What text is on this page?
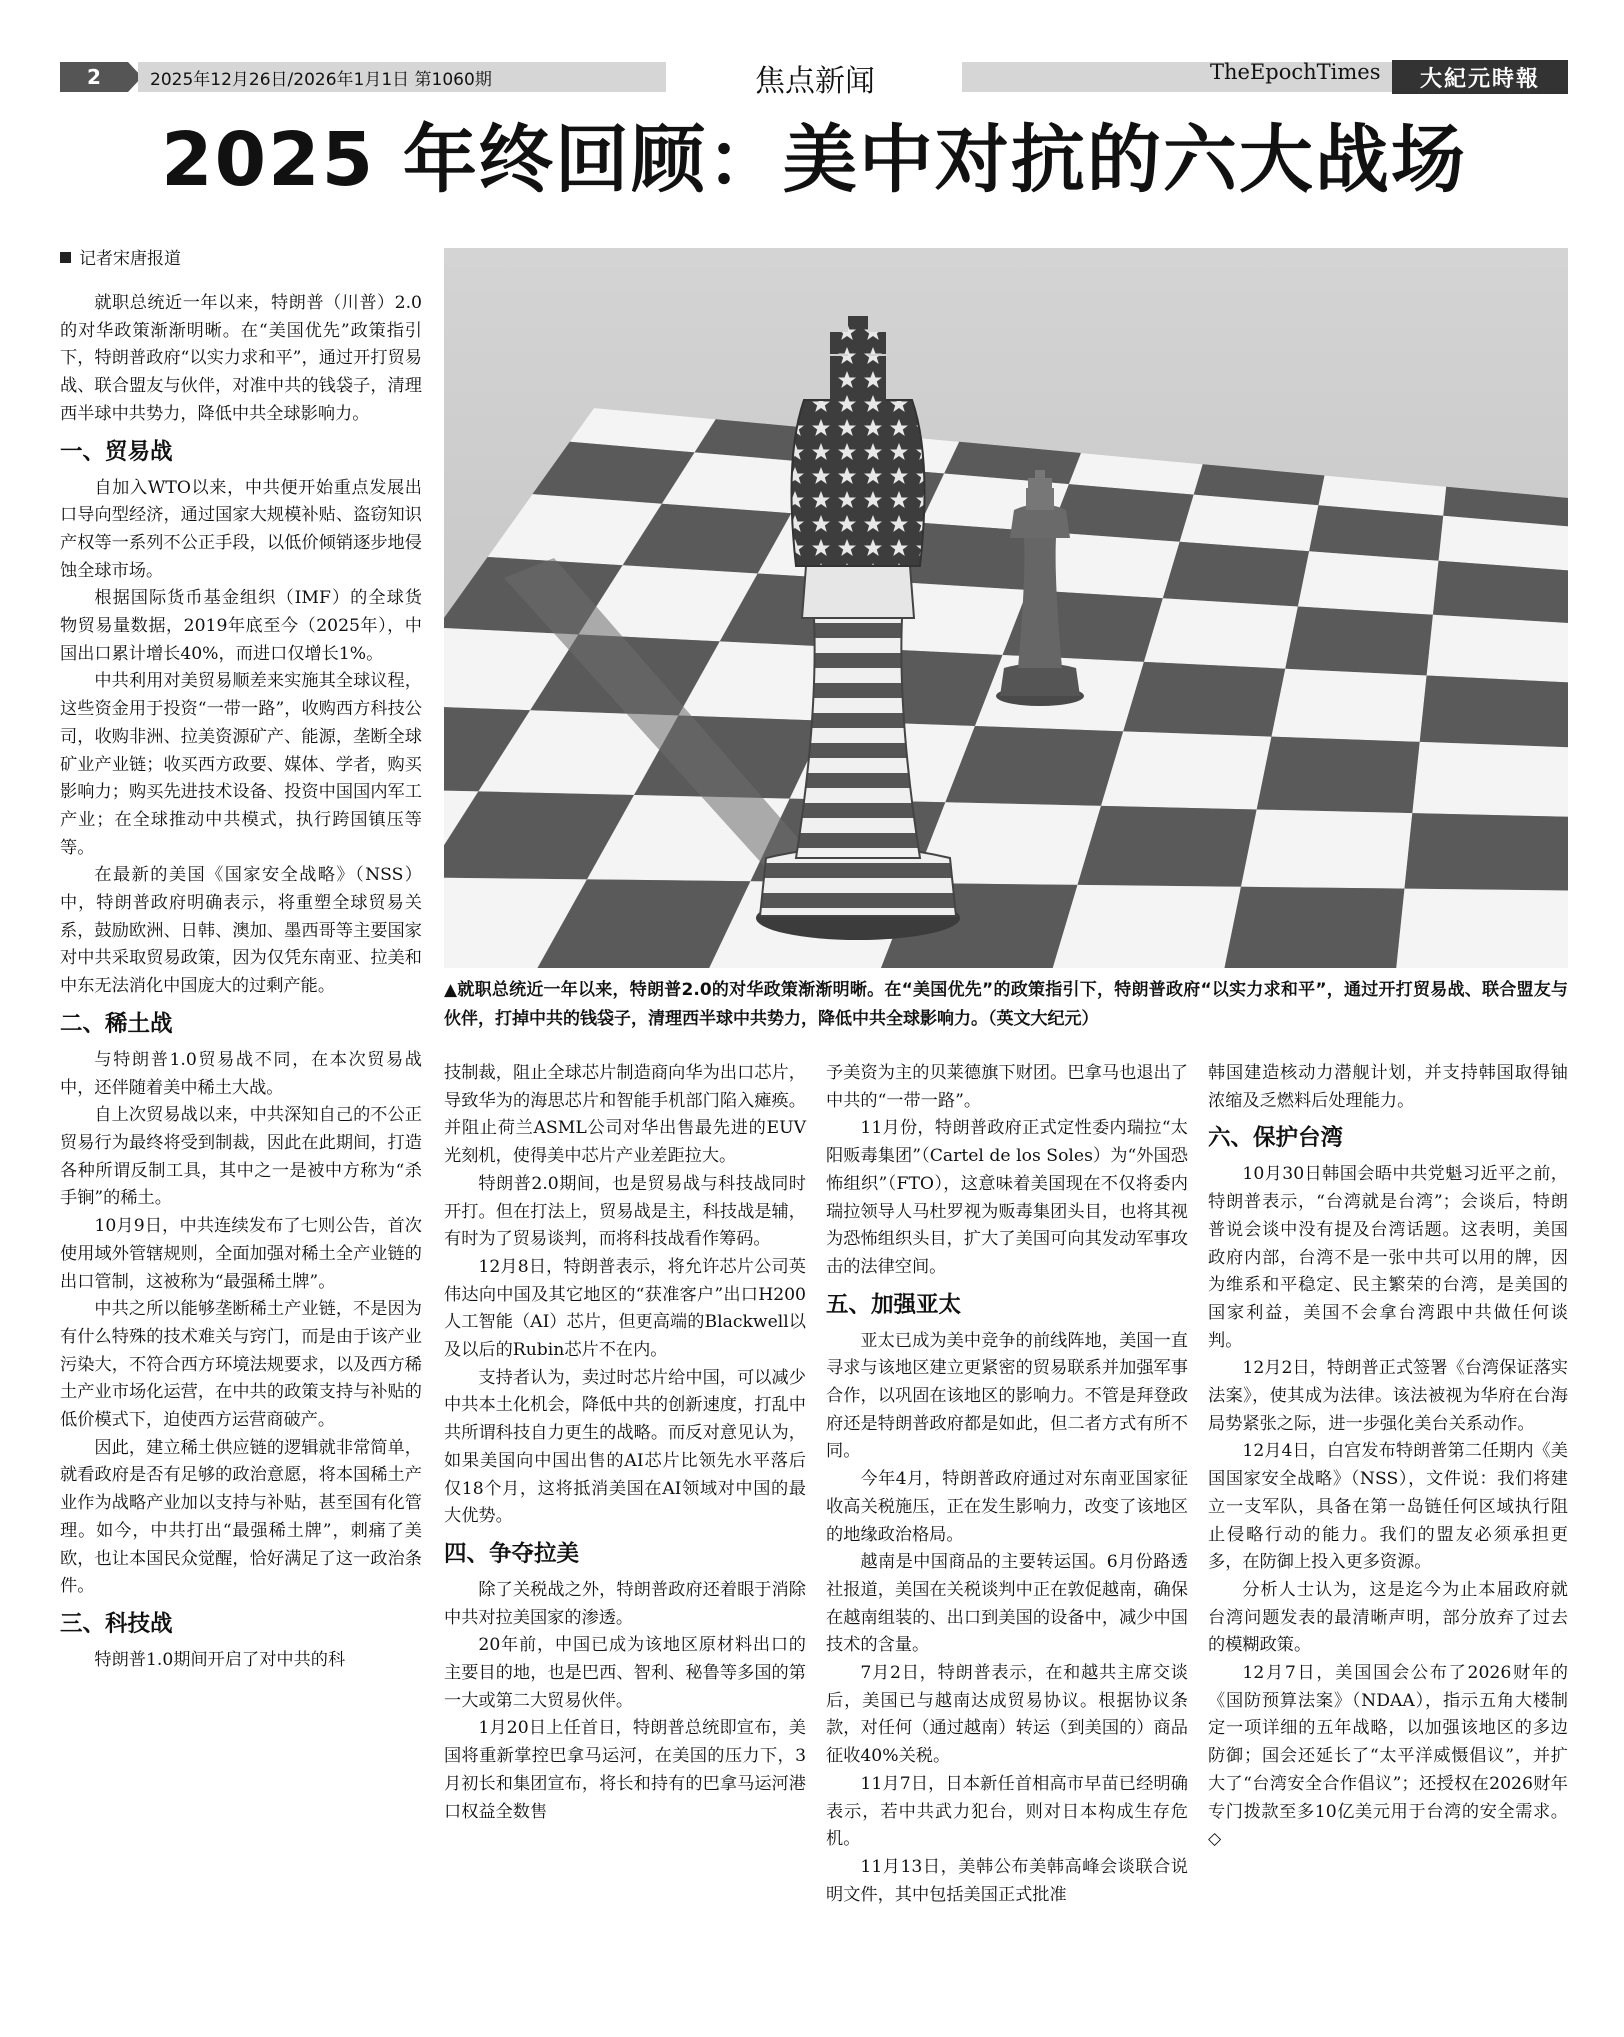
2	2025年12月26日/2026年1月1日 第1060期	焦点新闻	TheEpochTimes	大紀元時報
2025 年终回顾：美中对抗的六大战场
记者宋唐报道

就职总统近一年以来，特朗普（川普）2.0的对华政策渐渐明晰。在“美国优先”政策指引下，特朗普政府“以实力求和平”，通过开打贸易战、联合盟友与伙伴，对准中共的钱袋子，清理西半球中共势力，降低中共全球影响力。

一、贸易战

自加入WTO以来，中共便开始重点发展出口导向型经济，通过国家大规模补贴、盗窃知识产权等一系列不公正手段，以低价倾销逐步地侵蚀全球市场。

根据国际货币基金组织（IMF）的全球货物贸易量数据，2019年底至今（2025年），中国出口累计增长40%，而进口仅增长1%。

中共利用对美贸易顺差来实施其全球议程，这些资金用于投资“一带一路”，收购西方科技公司，收购非洲、拉美资源矿产、能源，垄断全球矿业产业链；收买西方政要、媒体、学者，购买影响力；购买先进技术设备、投资中国国内军工产业；在全球推动中共模式，执行跨国镇压等等。

在最新的美国《国家安全战略》（NSS）中，特朗普政府明确表示，将重塑全球贸易关系，鼓励欧洲、日韩、澳加、墨西哥等主要国家对中共采取贸易政策，因为仅凭东南亚、拉美和中东无法消化中国庞大的过剩产能。

二、稀土战

与特朗普1.0贸易战不同，在本次贸易战中，还伴随着美中稀土大战。

自上次贸易战以来，中共深知自己的不公正贸易行为最终将受到制裁，因此在此期间，打造各种所谓反制工具，其中之一是被中方称为“杀手锏”的稀土。

10月9日，中共连续发布了七则公告，首次使用域外管辖规则，全面加强对稀土全产业链的出口管制，这被称为“最强稀土牌”。

中共之所以能够垄断稀土产业链，不是因为有什么特殊的技术难关与窍门，而是由于该产业污染大，不符合西方环境法规要求，以及西方稀土产业市场化运营，在中共的政策支持与补贴的低价模式下，迫使西方运营商破产。

因此，建立稀土供应链的逻辑就非常简单，就看政府是否有足够的政治意愿，将本国稀土产业作为战略产业加以支持与补贴，甚至国有化管理。如今，中共打出“最强稀土牌”，刺痛了美欧，也让本国民众觉醒，恰好满足了这一政治条件。

三、科技战

特朗普1.0期间开启了对中共的科

▲就职总统近一年以来，特朗普2.0的对华政策渐渐明晰。在“美国优先”的政策指引下，特朗普政府“以实力求和平”，通过开打贸易战、联合盟友与伙伴，打掉中共的钱袋子，清理西半球中共势力，降低中共全球影响力。（英文大纪元）

技制裁，阻止全球芯片制造商向华为出口芯片，导致华为的海思芯片和智能手机部门陷入瘫痪。并阻止荷兰ASML公司对华出售最先进的EUV光刻机，使得美中芯片产业差距拉大。

特朗普2.0期间，也是贸易战与科技战同时开打。但在打法上，贸易战是主，科技战是辅，有时为了贸易谈判，而将科技战看作筹码。

12月8日，特朗普表示，将允许芯片公司英伟达向中国及其它地区的“获准客户”出口H200人工智能（AI）芯片，但更高端的Blackwell以及以后的Rubin芯片不在内。

支持者认为，卖过时芯片给中国，可以减少中共本土化机会，降低中共的创新速度，打乱中共所谓科技自力更生的战略。而反对意见认为，如果美国向中国出售的AI芯片比领先水平落后仅18个月，这将抵消美国在AI领域对中国的最大优势。

四、争夺拉美

除了关税战之外，特朗普政府还着眼于消除中共对拉美国家的渗透。

20年前，中国已成为该地区原材料出口的主要目的地，也是巴西、智利、秘鲁等多国的第一大或第二大贸易伙伴。

1月20日上任首日，特朗普总统即宣布，美国将重新掌控巴拿马运河，在美国的压力下，3月初长和集团宣布，将长和持有的巴拿马运河港口权益全数售

予美资为主的贝莱德旗下财团。巴拿马也退出了中共的“一带一路”。

11月份，特朗普政府正式定性委内瑞拉“太阳贩毒集团”（Cartel de los Soles）为“外国恐怖组织”（FTO），这意味着美国现在不仅将委内瑞拉领导人马杜罗视为贩毒集团头目，也将其视为恐怖组织头目，扩大了美国可向其发动军事攻击的法律空间。

五、加强亚太

亚太已成为美中竞争的前线阵地，美国一直寻求与该地区建立更紧密的贸易联系并加强军事合作，以巩固在该地区的影响力。不管是拜登政府还是特朗普政府都是如此，但二者方式有所不同。

今年4月，特朗普政府通过对东南亚国家征收高关税施压，正在发生影响力，改变了该地区的地缘政治格局。

越南是中国商品的主要转运国。6月份路透社报道，美国在关税谈判中正在敦促越南，确保在越南组装的、出口到美国的设备中，减少中国技术的含量。

7月2日，特朗普表示，在和越共主席交谈后，美国已与越南达成贸易协议。根据协议条款，对任何（通过越南）转运（到美国的）商品征收40%关税。

11月7日，日本新任首相高市早苗已经明确表示，若中共武力犯台，则对日本构成生存危机。

11月13日，美韩公布美韩高峰会谈联合说明文件，其中包括美国正式批准

韩国建造核动力潜舰计划，并支持韩国取得铀浓缩及乏燃料后处理能力。

六、保护台湾

10月30日韩国会晤中共党魁习近平之前，特朗普表示，“台湾就是台湾”；会谈后，特朗普说会谈中没有提及台湾话题。这表明，美国政府内部，台湾不是一张中共可以用的牌，因为维系和平稳定、民主繁荣的台湾，是美国的国家利益，美国不会拿台湾跟中共做任何谈判。

12月2日，特朗普正式签署《台湾保证落实法案》，使其成为法律。该法被视为华府在台海局势紧张之际，进一步强化美台关系动作。

12月4日，白宫发布特朗普第二任期内《美国国家安全战略》（NSS），文件说：我们将建立一支军队，具备在第一岛链任何区域执行阻止侵略行动的能力。我们的盟友必须承担更多，在防御上投入更多资源。

分析人士认为，这是迄今为止本届政府就台湾问题发表的最清晰声明，部分放弃了过去的模糊政策。

12月7日，美国国会公布了2026财年的《国防预算法案》（NDAA），指示五角大楼制定一项详细的五年战略，以加强该地区的多边防御；国会还延长了“太平洋威慑倡议”，并扩大了“台湾安全合作倡议”；还授权在2026财年专门拨款至多10亿美元用于台湾的安全需求。◇
